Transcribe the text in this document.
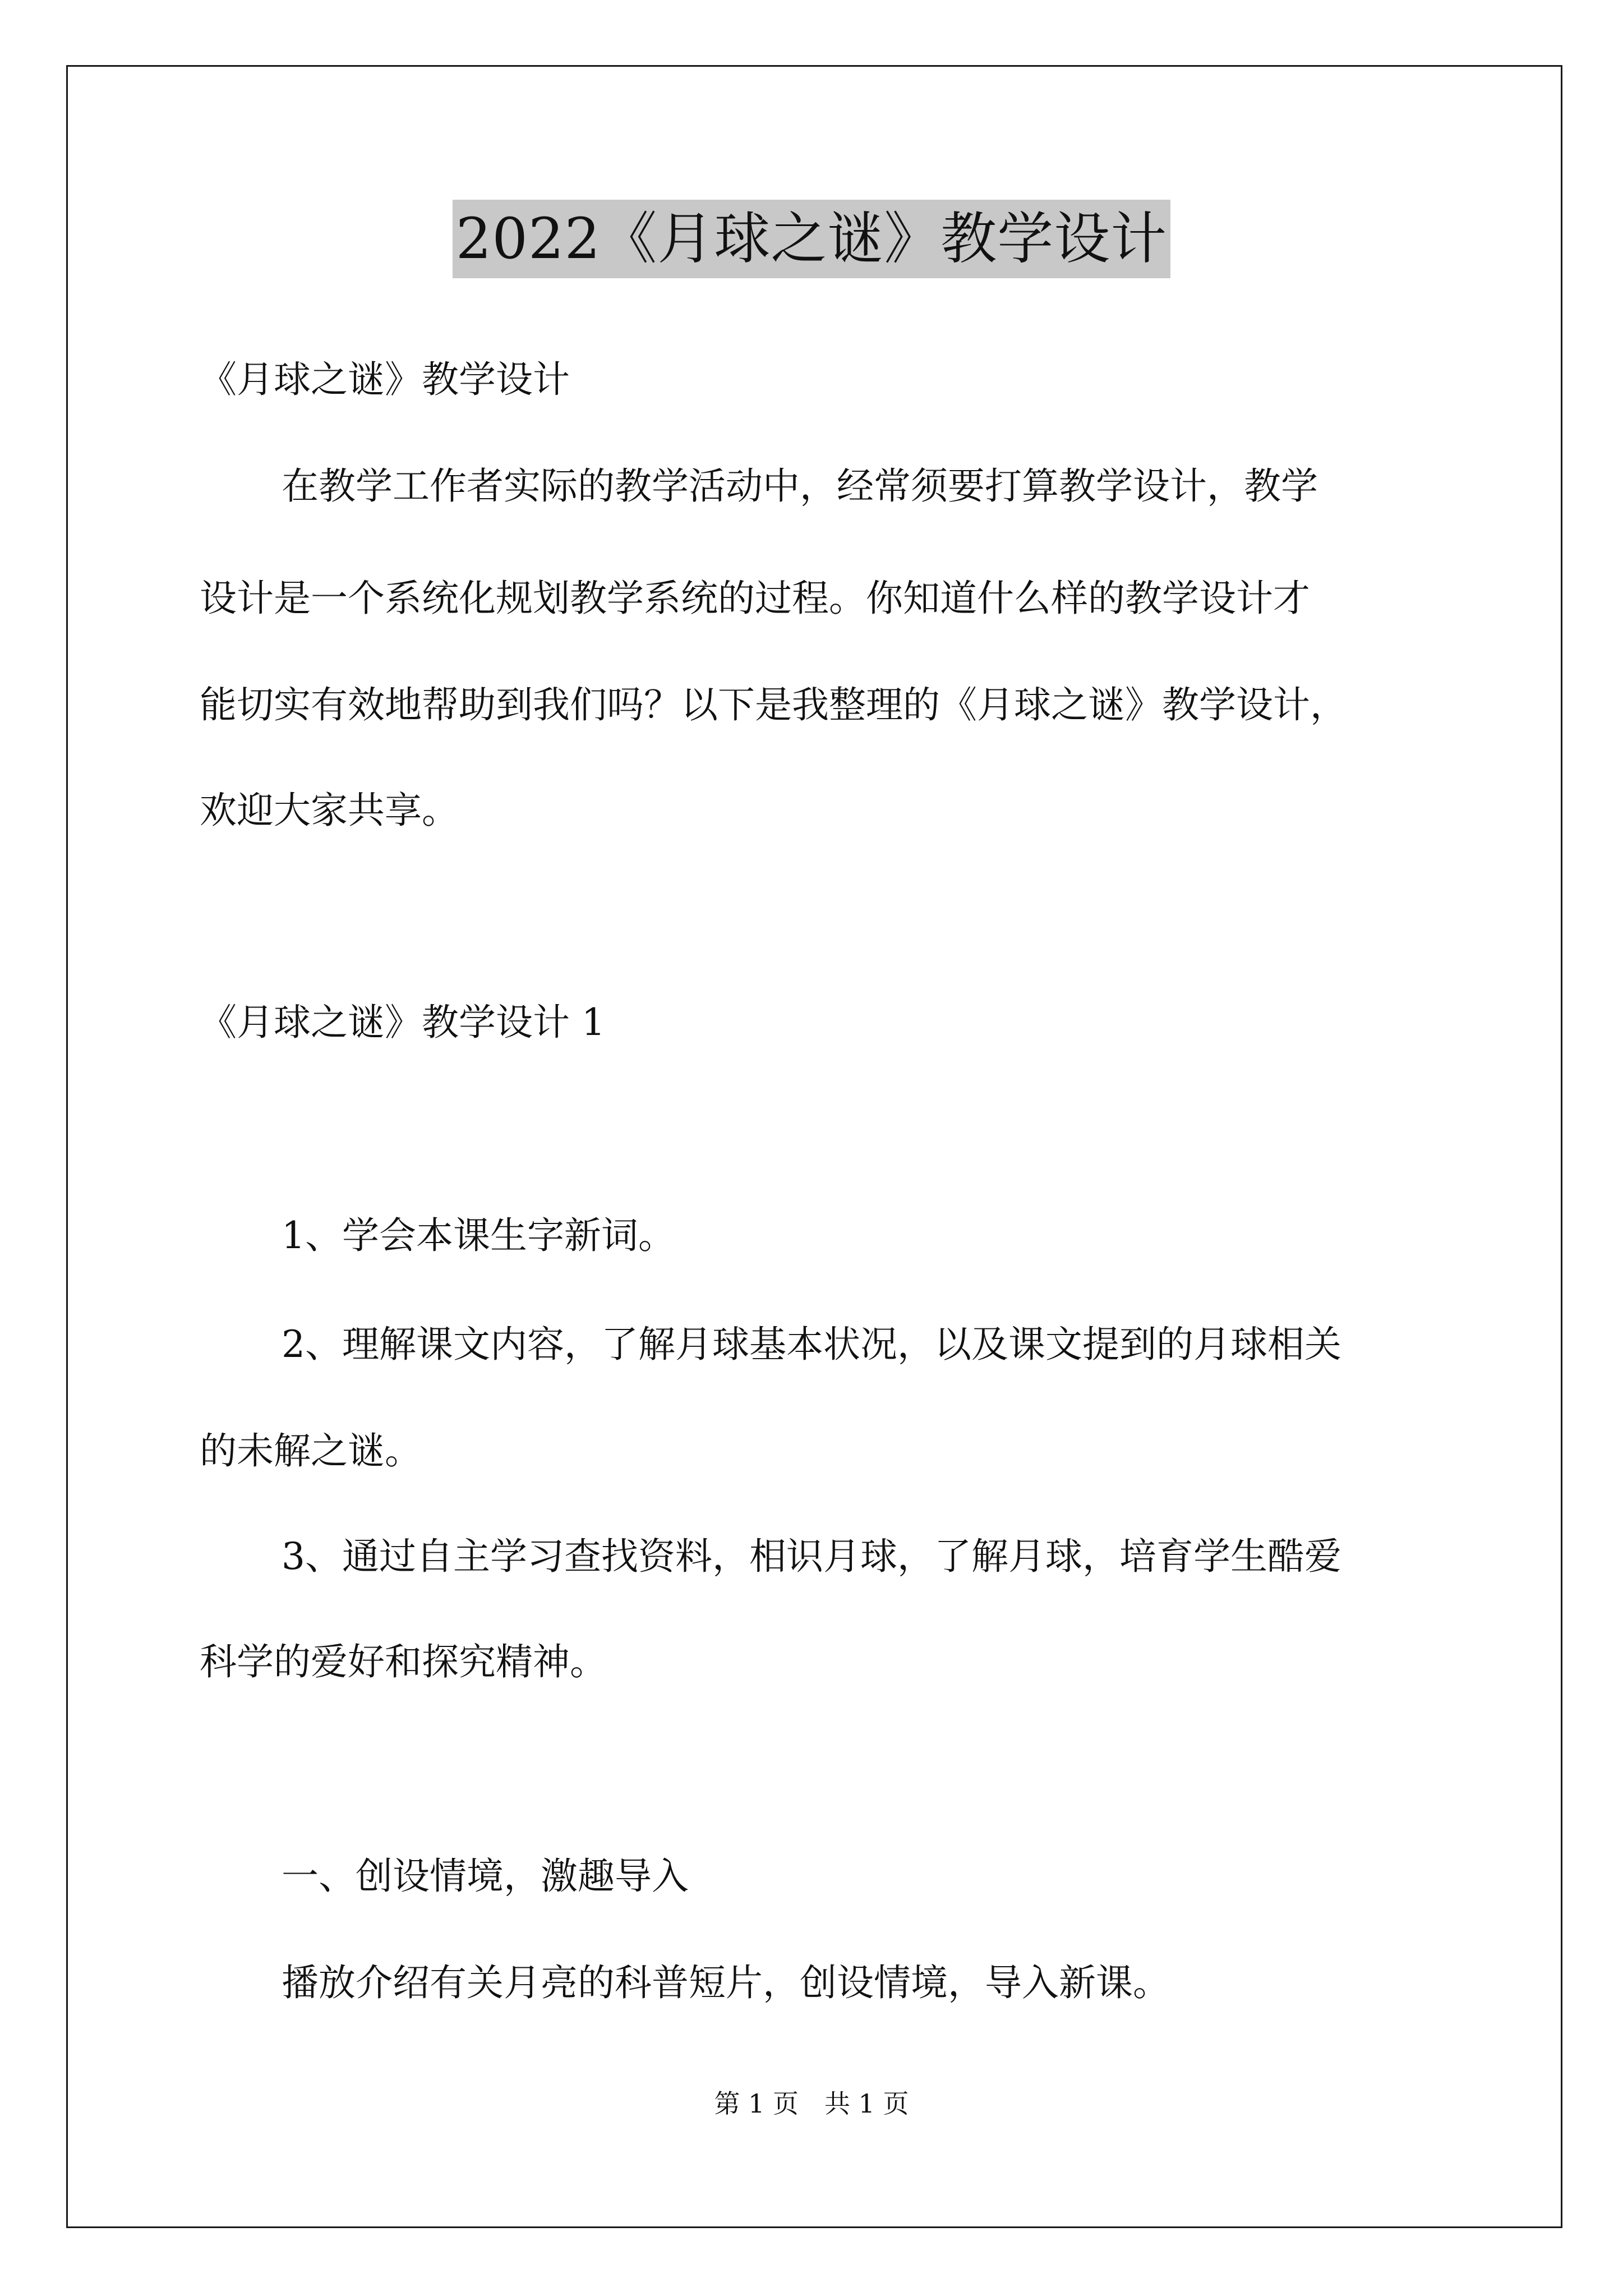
2022《月球之谜》教学设计

《月球之谜》教学设计

在教学工作者实际的教学活动中，经常须要打算教学设计，教学

设计是一个系统化规划教学系统的过程。你知道什么样的教学设计才

能切实有效地帮助到我们吗？以下是我整理的《月球之谜》教学设计，

欢迎大家共享。

《月球之谜》教学设计 1

1、学会本课生字新词。

2、理解课文内容，了解月球基本状况，以及课文提到的月球相关

的未解之谜。

3、通过自主学习查找资料，相识月球，了解月球，培育学生酷爱

科学的爱好和探究精神。

一、创设情境，激趣导入

播放介绍有关月亮的科普短片，创设情境，导入新课。

第 1 页　共 1 页
